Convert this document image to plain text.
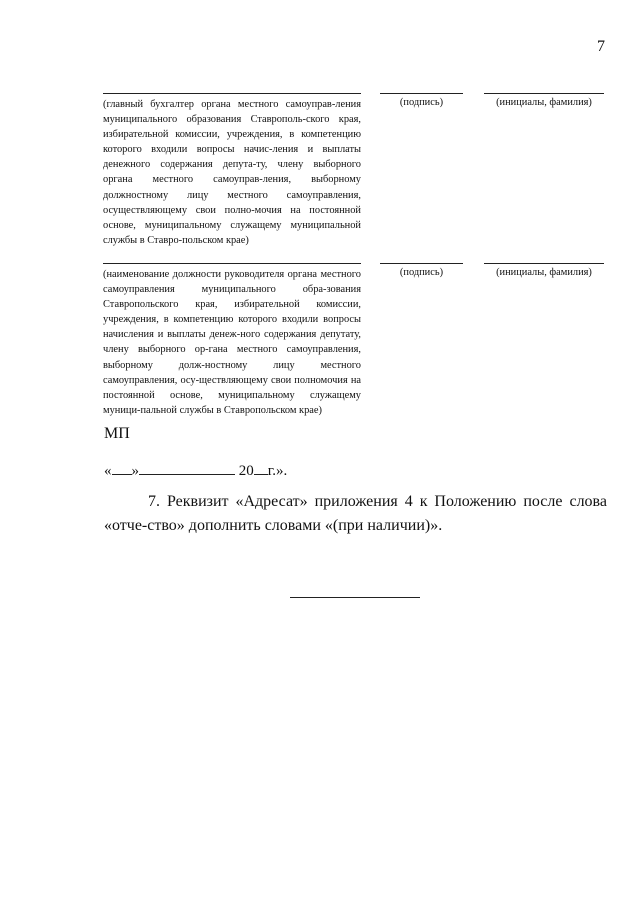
7
(главный бухгалтер органа местного самоуправ-ления муниципального образования Ставрополь-ского края, избирательной комиссии, учреждения, в компетенцию которого входили вопросы начис-ления и выплаты денежного содержания депута-ту, члену выборного органа местного самоуправ-ления, выборному должностному лицу местного самоуправления, осуществляющему свои полно-мочия на постоянной основе, муниципальному служащему муниципальной службы в Ставро-польском крае)
(подпись)	(инициалы, фамилия)
(наименование должности руководителя органа местного самоуправления муниципального обра-зования Ставропольского края, избирательной комиссии, учреждения, в компетенцию которого входили вопросы начисления и выплаты денеж-ного содержания депутату, члену выборного ор-гана местного самоуправления, выборному долж-ностному лицу местного самоуправления, осу-ществляющему свои полномочия на постоянной основе, муниципальному служащему муници-пальной службы в Ставропольском крае)
(подпись)	(инициалы, фамилия)
МП
« »	20 г.».
7. Реквизит «Адресат» приложения 4 к Положению после слова «отче-ство» дополнить словами «(при наличии)».
